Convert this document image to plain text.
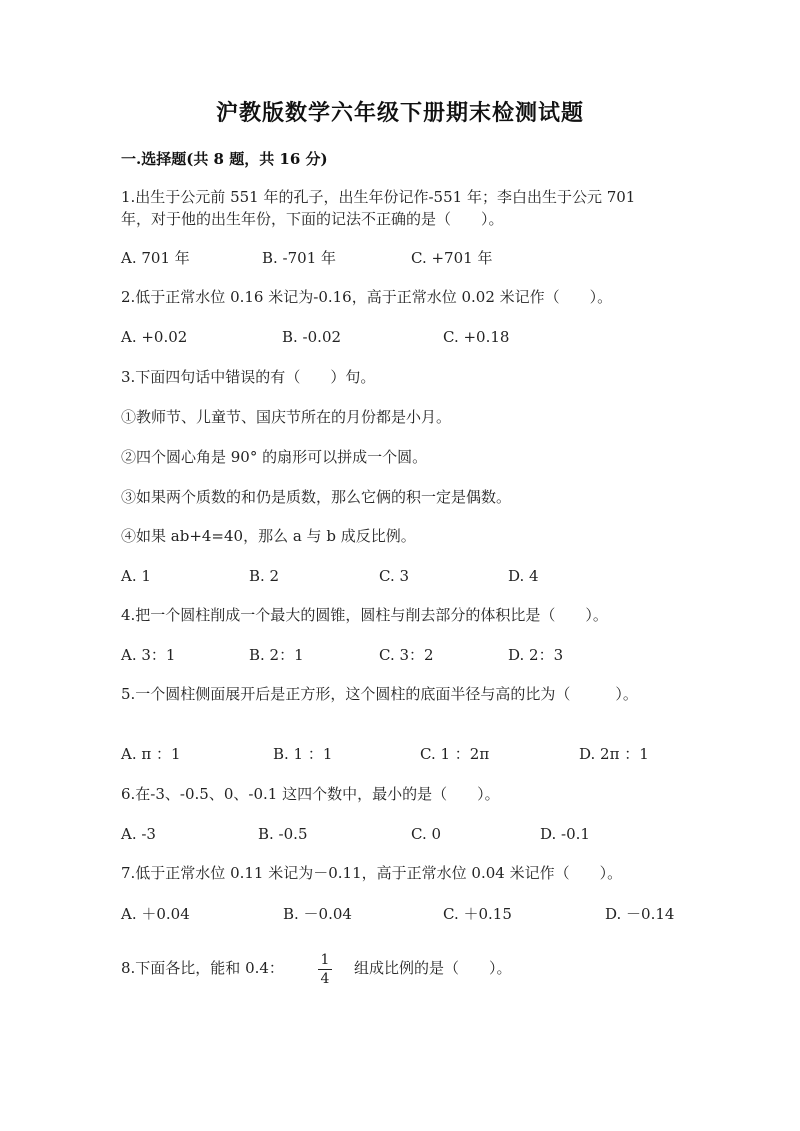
沪教版数学六年级下册期末检测试题
一.选择题(共 8 题，共 16 分)
1.出生于公元前 551 年的孔子，出生年份记作-551 年；李白出生于公元 701 年，对于他的出生年份，下面的记法不正确的是（　　）。
A. 701 年	B. -701 年	C. +701 年
2.低于正常水位 0.16 米记为-0.16，高于正常水位 0.02 米记作（　　）。
A. +0.02	B. -0.02	C. +0.18
3.下面四句话中错误的有（　　）句。
①教师节、儿童节、国庆节所在的月份都是小月。
②四个圆心角是 90° 的扇形可以拼成一个圆。
③如果两个质数的和仍是质数，那么它俩的积一定是偶数。
④如果 ab+4=40，那么 a 与 b 成反比例。
A. 1	B. 2	C. 3	D. 4
4.把一个圆柱削成一个最大的圆锥，圆柱与削去部分的体积比是（　　）。
A. 3：1	B. 2：1	C. 3：2	D. 2：3
5.一个圆柱侧面展开后是正方形，这个圆柱的底面半径与高的比为（　　　）。
A. π ：1	B. 1 ：1	C. 1 ：2π	D. 2π ：1
6.在-3、-0.5、0、-0.1 这四个数中，最小的是（　　）。
A. -3	B. -0.5	C. 0	D. -0.1
7.低于正常水位 0.11 米记为－0.11，高于正常水位 0.04 米记作（　　）。
A. ＋0.04	B. －0.04	C. ＋0.15	D. －0.14
8.下面各比，能和 0.4：	1
4
组成比例的是（　　）。
